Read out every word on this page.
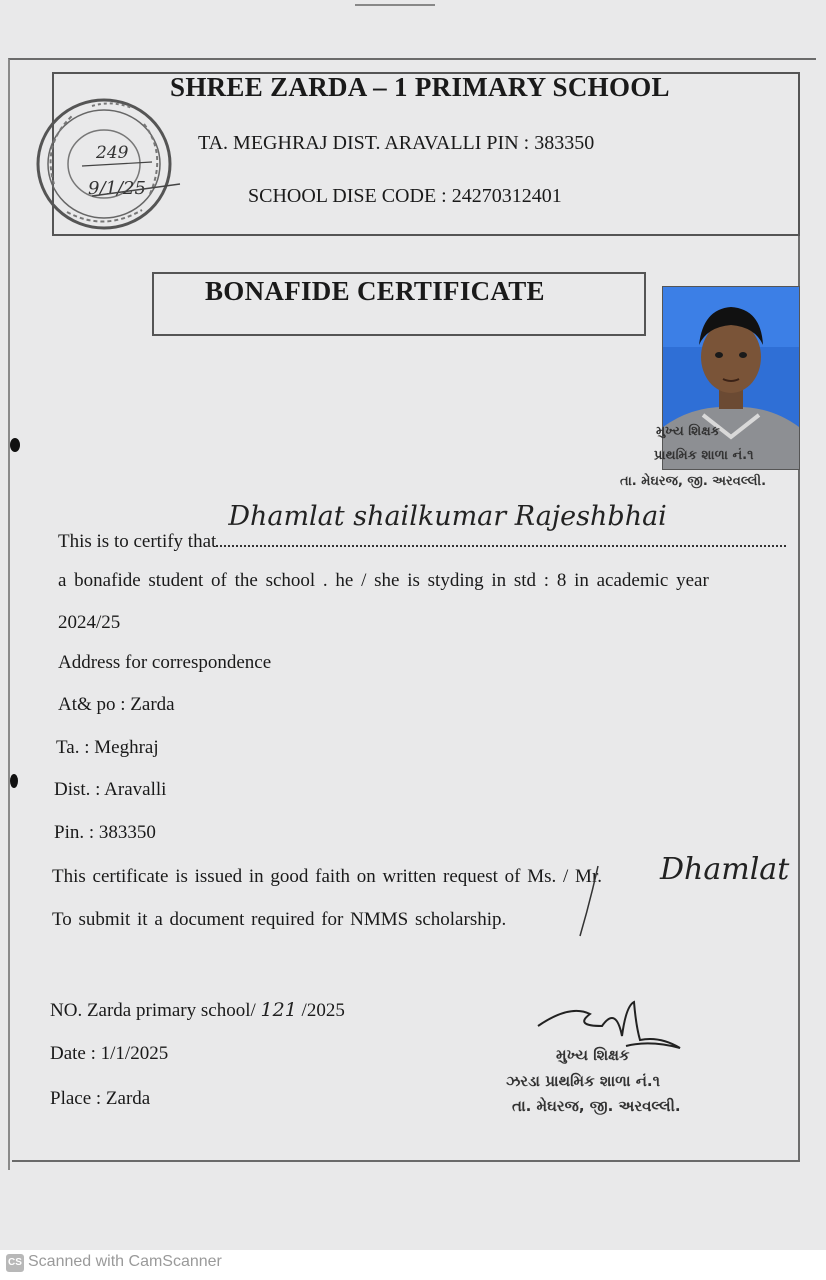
SHREE ZARDA – 1 PRIMARY SCHOOL
TA. MEGHRAJ DIST. ARAVALLI PIN : 383350
SCHOOL DISE CODE : 24270312401
249
9/1/25
BONAFIDE CERTIFICATE
મુખ્ય શિક્ષક
પ્રાથમિક શાળા નં.૧
તા. મેઘરજ, જી. અરવલ્લી.
This is to certify that
Dhamlat shailkumar Rajeshbhai
a bonafide student of the school . he / she is styding in std : 8 in academic year
2024/25
Address for correspondence
At& po : Zarda
Ta. : Meghraj
Dist. : Aravalli
Pin. : 383350
This certificate is issued in good faith on written request of Ms. / Mr. Dhamlat
To submit it a document required for NMMS scholarship.
NO. Zarda primary school/ 121 /2025
Date : 1/1/2025
Place : Zarda
મુખ્ય શિક્ષક
ઝરડા પ્રાથમિક શાળા નં.૧
તા. મેઘરજ, જી. અરવલ્લી.
CS Scanned with CamScanner
